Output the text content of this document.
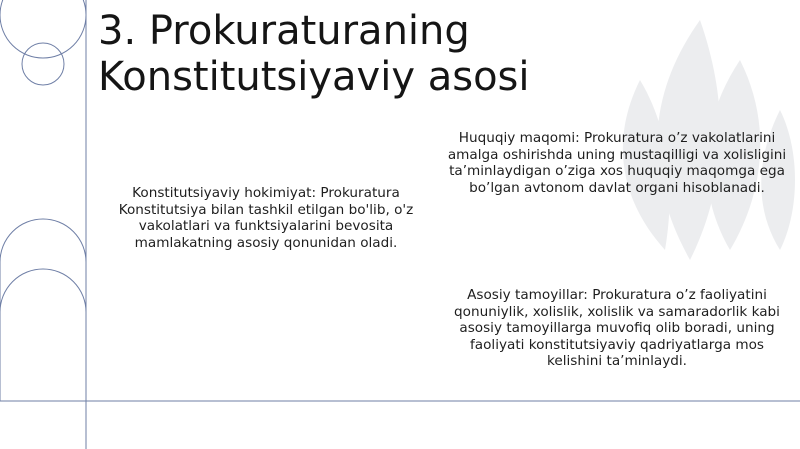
3. Prokuraturaning
Konstitutsiyaviy asosi

Konstitutsiyaviy hokimiyat: Prokuratura Konstitutsiya bilan tashkil etilgan bo'lib, o'z vakolatlari va funktsiyalarini bevosita mamlakatning asosiy qonunidan oladi.

Huquqiy maqomi: Prokuratura o’z vakolatlarini amalga oshirishda uning mustaqilligi va xolisligini ta’minlaydigan o’ziga xos huquqiy maqomga ega bo’lgan avtonom davlat organi hisoblanadi.

Asosiy tamoyillar: Prokuratura o’z faoliyatini qonuniylik, xolislik, xolislik va samaradorlik kabi asosiy tamoyillarga muvofiq olib boradi, uning faoliyati konstitutsiyaviy qadriyatlarga mos kelishini ta’minlaydi.
